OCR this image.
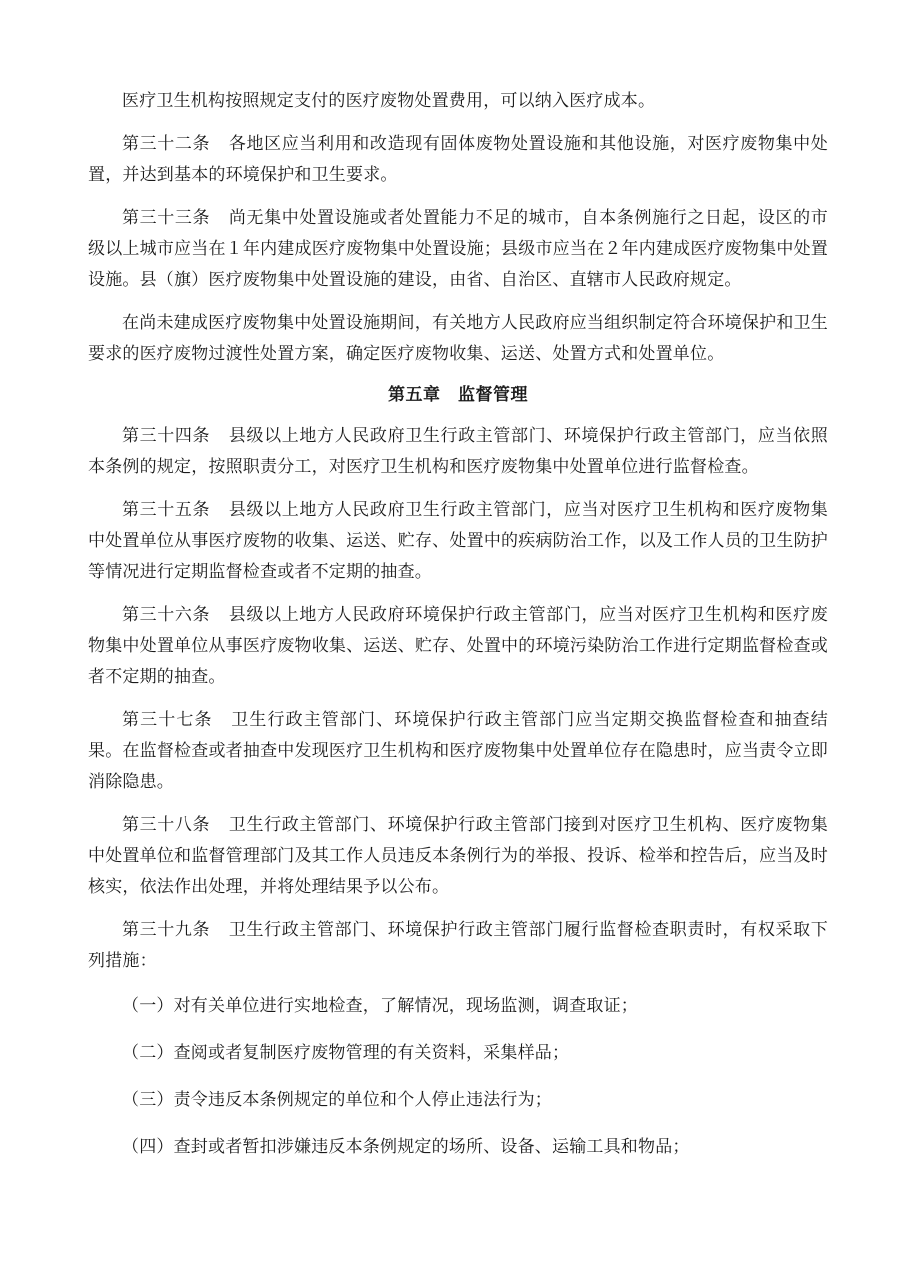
医疗卫生机构按照规定支付的医疗废物处置费用，可以纳入医疗成本。

第三十二条 各地区应当利用和改造现有固体废物处置设施和其他设施，对医疗废物集中处置，并达到基本的环境保护和卫生要求。

第三十三条 尚无集中处置设施或者处置能力不足的城市，自本条例施行之日起，设区的市级以上城市应当在１年内建成医疗废物集中处置设施；县级市应当在２年内建成医疗废物集中处置设施。县（旗）医疗废物集中处置设施的建设，由省、自治区、直辖市人民政府规定。

在尚未建成医疗废物集中处置设施期间，有关地方人民政府应当组织制定符合环境保护和卫生要求的医疗废物过渡性处置方案，确定医疗废物收集、运送、处置方式和处置单位。

第五章　 监督管理

第三十四条 县级以上地方人民政府卫生行政主管部门、环境保护行政主管部门，应当依照本条例的规定，按照职责分工，对医疗卫生机构和医疗废物集中处置单位进行监督检查。

第三十五条 县级以上地方人民政府卫生行政主管部门，应当对医疗卫生机构和医疗废物集中处置单位从事医疗废物的收集、运送、贮存、处置中的疾病防治工作，以及工作人员的卫生防护等情况进行定期监督检查或者不定期的抽查。

第三十六条 县级以上地方人民政府环境保护行政主管部门，应当对医疗卫生机构和医疗废物集中处置单位从事医疗废物收集、运送、贮存、处置中的环境污染防治工作进行定期监督检查或者不定期的抽查。

第三十七条 卫生行政主管部门、环境保护行政主管部门应当定期交换监督检查和抽查结果。在监督检查或者抽查中发现医疗卫生机构和医疗废物集中处置单位存在隐患时，应当责令立即消除隐患。

第三十八条 卫生行政主管部门、环境保护行政主管部门接到对医疗卫生机构、医疗废物集中处置单位和监督管理部门及其工作人员违反本条例行为的举报、投诉、检举和控告后，应当及时核实，依法作出处理，并将处理结果予以公布。

第三十九条 卫生行政主管部门、环境保护行政主管部门履行监督检查职责时，有权采取下列措施：

（一）对有关单位进行实地检查，了解情况，现场监测，调查取证；

（二）查阅或者复制医疗废物管理的有关资料，采集样品；

（三）责令违反本条例规定的单位和个人停止违法行为；

（四）查封或者暂扣涉嫌违反本条例规定的场所、设备、运输工具和物品；
